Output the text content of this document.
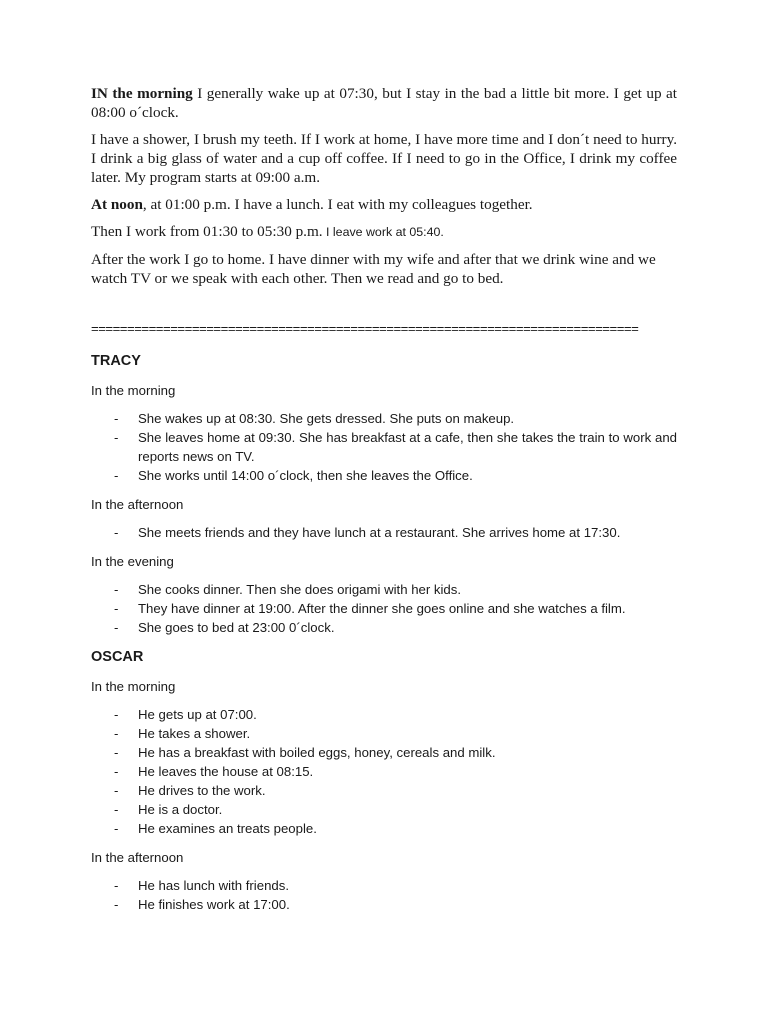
IN the morning I generally wake up at 07:30, but I stay in the bad a little bit more. I get up at 08:00 o´clock.

I have a shower, I brush my teeth. If I work at home, I have more time and I don´t need to hurry. I drink a big glass of water and a cup off coffee. If I need to go in the Office, I drink my coffee later. My program starts at 09:00 a.m.

At noon, at 01:00 p.m. I have a lunch. I eat with my colleagues together.

Then I work from 01:30 to 05:30 p.m. I leave work at 05:40.

After the work I go to home. I have dinner with my wife and after that we drink wine and we watch TV or we speak with each other. Then we read and go to bed.

============================================================================
TRACY
In the morning
- She wakes up at 08:30. She gets dressed. She puts on makeup.
- She leaves home at 09:30. She has breakfast at a cafe, then she takes the train to work and reports news on TV.
- She works until 14:00 o´clock, then she leaves the Office.
In the afternoon
- She meets friends and they have lunch at a restaurant. She arrives home at 17:30.
In the evening
- She cooks dinner. Then she does origami with her kids.
- They have dinner at 19:00. After the dinner she goes online and she watches a film.
- She goes to bed at 23:00 0´clock.
OSCAR
In the morning
- He gets up at 07:00.
- He takes a shower.
- He has a breakfast with boiled eggs, honey, cereals and milk.
- He leaves the house at 08:15.
- He drives to the work.
- He is a doctor.
- He examines an treats people.
In the afternoon
- He has lunch with friends.
- He finishes work at 17:00.
